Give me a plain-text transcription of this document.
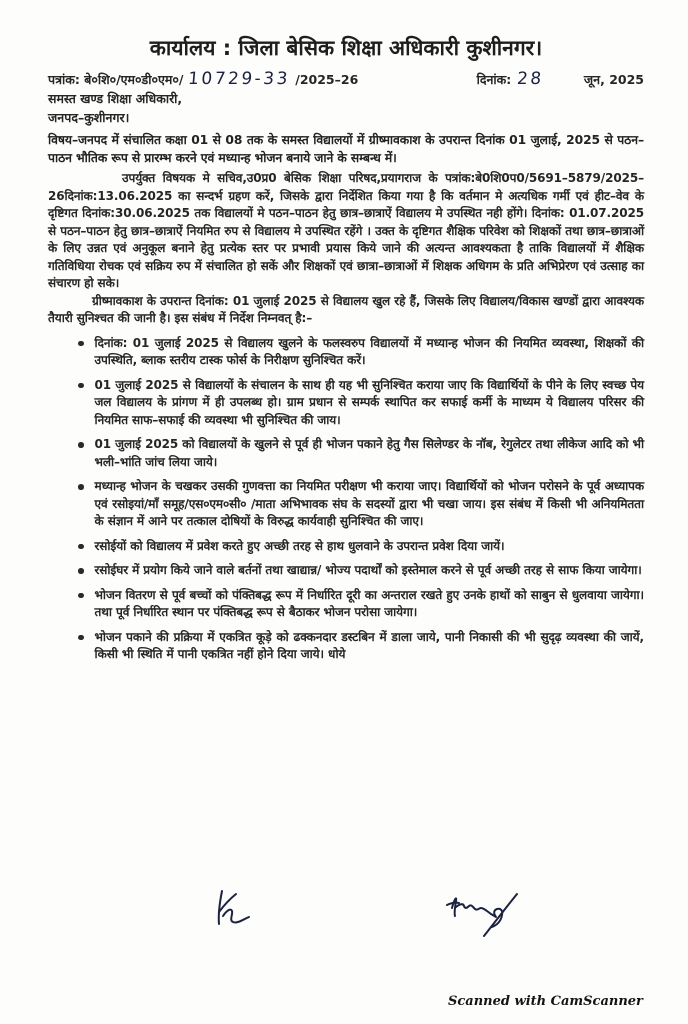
कार्यालय : जिला बेसिक शिक्षा अधिकारी कुशीनगर।
पत्रांक: बे०शि०/एम०डी०एम०/ 10729-33 /2025–26	दिनांक: 28	जून, 2025
समस्त खण्ड शिक्षा अधिकारी,
जनपद–कुशीनगर।
विषय–जनपद में संचालित कक्षा 01 से 08 तक के समस्त विद्यालयों में ग्रीष्मावकाश के उपरान्त दिनांक 01 जुलाई, 2025 से पठन–पाठन भौतिक रूप से प्रारम्भ करने एवं मध्यान्ह भोजन बनाये जाने के सम्बन्ध में।
उपर्युक्त विषयक मे सचिव,उ0प्र0 बेसिक शिक्षा परिषद,प्रयागराज के पत्रांक:बे0शि0प0/5691–5879/2025–26दिनांक:13.06.2025 का सन्दर्भ ग्रहण करें, जिसके द्वारा निर्देशित किया गया है कि वर्तमान मे अत्यधिक गर्मी एवं हीट–वेव के दृष्टिगत दिनांक:30.06.2025 तक विद्यालयों मे पठन–पाठन हेतु छात्र–छात्राऐं विद्यालय मे उपस्थित नही होंगे। दिनांक: 01.07.2025 से पठन–पाठन हेतु छात्र–छात्राऐं नियमित रुप से विद्यालय मे उपस्थित रहेंगे । उक्त के दृष्टिगत शैक्षिक परिवेश को शिक्षकों तथा छात्र–छात्राओं के लिए उन्नत एवं अनुकूल बनाने हेतु प्रत्येक स्तर पर प्रभावी प्रयास किये जाने की अत्यन्त आवश्यकता है ताकि विद्यालयों में शैक्षिक गतिविधिया रोचक एवं सक्रिय रुप में संचालित हो सकें और शिक्षकों एवं छात्रा–छात्राओं में शिक्षक अधिगम के प्रति अभिप्रेरण एवं उत्साह का संचारण हो सके।
ग्रीष्मावकाश के उपरान्त दिनांक: 01 जुलाई 2025 से विद्यालय खुल रहे हैं, जिसके लिए विद्यालय/विकास खण्डों द्वारा आवश्यक तैयारी सुनिश्चत की जानी है। इस संबंध में निर्देश निम्नवत् है:–
दिनांक: 01 जुलाई 2025 से विद्यालय खुलने के फलस्वरुप विद्यालयों में मध्यान्ह भोजन की नियमित व्यवस्था, शिक्षकों की उपस्थिति, ब्लाक स्तरीय टास्क फोर्स के निरीक्षण सुनिश्चित करें।
01 जुलाई 2025 से विद्यालयों के संचालन के साथ ही यह भी सुनिश्चित कराया जाए कि विद्यार्थियों के पीने के लिए स्वच्छ पेय जल विद्यालय के प्रांगण में ही उपलब्ध हो। ग्राम प्रधान से सम्पर्क स्थापित कर सफाई कर्मी के माध्यम ये विद्यालय परिसर की नियमित साफ–सफाई की व्यवस्था भी सुनिश्चित की जाय।
01 जुलाई 2025 को विद्यालयों के खुलने से पूर्व ही भोजन पकाने हेतु गैस सिलेण्डर के नॉब, रेगुलेटर तथा लीकेज आदि को भी भली–भांति जांच लिया जाये।
मध्यान्ह भोजन के चखकर उसकी गुणवत्ता का नियमित परीक्षण भी कराया जाए। विद्यार्थियों को भोजन परोसने के पूर्व अध्यापक एवं रसोइयां/माँ समूह/एस०एम०सी० /माता अभिभावक संघ के सदस्यों द्वारा भी चखा जाय। इस संबंध में किसी भी अनियमितता के संज्ञान में आने पर तत्काल दोषियों के विरुद्ध कार्यवाही सुनिश्चित की जाए।
रसोईयों को विद्यालय में प्रवेश करते हुए अच्छी तरह से हाथ धुलवाने के उपरान्त प्रवेश दिया जायें।
रसोईघर में प्रयोग किये जाने वाले बर्तनों तथा खाद्यान्न/ भोज्य पदार्थों को इस्तेमाल करने से पूर्व अच्छी तरह से साफ किया जायेगा।
भोजन वितरण से पूर्व बच्चों को पंक्तिबद्ध रूप में निर्धारित दूरी का अन्तराल रखते हुए उनके हाथों को साबुन से धुलवाया जायेगा। तथा पूर्व निर्धारित स्थान पर पंक्तिबद्ध रूप से बैठाकर भोजन परोसा जायेगा।
भोजन पकाने की प्रक्रिया में एकत्रित कूड़े को ढक्कनदार डस्टबिन में डाला जाये, पानी निकासी की भी सुदृढ़ व्यवस्था की जायें, किसी भी स्थिति में पानी एकत्रित नहीं होने दिया जाये। धोये
Scanned with CamScanner
